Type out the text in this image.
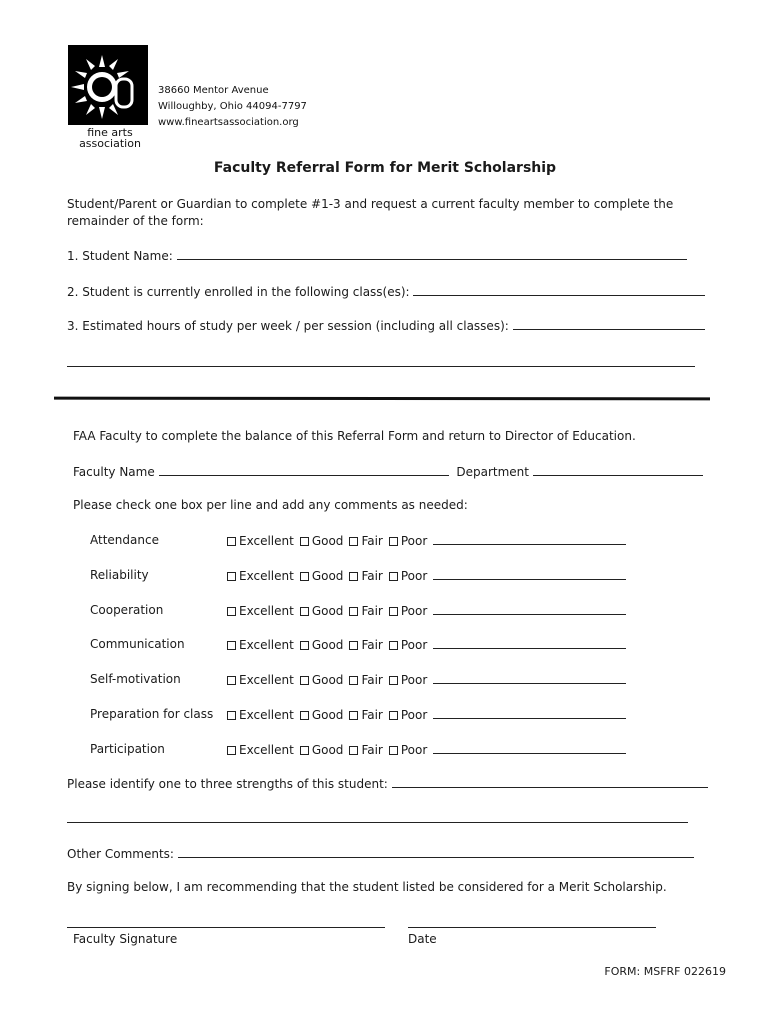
fine arts
association
38660 Mentor Avenue
Willoughby, Ohio 44094-7797
www.fineartsassociation.org
Faculty Referral Form for Merit Scholarship
Student/Parent or Guardian to complete #1-3 and request a current faculty member to complete the
remainder of the form:
1. Student Name:
2. Student is currently enrolled in the following class(es):
3. Estimated hours of study per week / per session (including all classes):
FAA Faculty to complete the balance of this Referral Form and return to Director of Education.
Faculty Name	Department
Please check one box per line and add any comments as needed:
Attendance	Excellent Good Fair Poor
Reliability	Excellent Good Fair Poor
Cooperation	Excellent Good Fair Poor
Communication	Excellent Good Fair Poor
Self-motivation	Excellent Good Fair Poor
Preparation for class	Excellent Good Fair Poor
Participation	Excellent Good Fair Poor
Please identify one to three strengths of this student:
Other Comments:
By signing below, I am recommending that the student listed be considered for a Merit Scholarship.
Faculty Signature	Date
FORM: MSFRF 022619
